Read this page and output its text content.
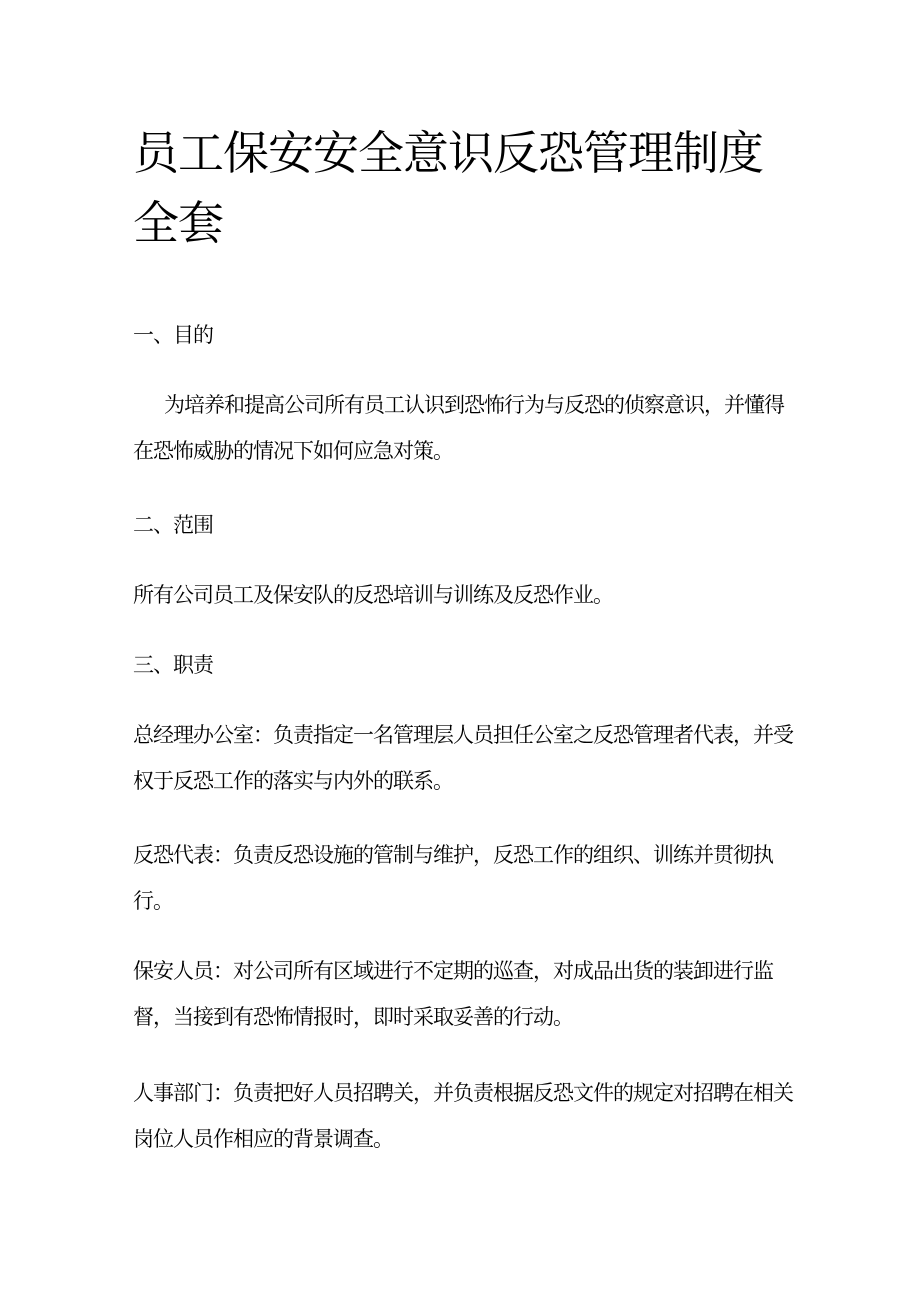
员工保安安全意识反恐管理制度全套

一、目的

为培养和提高公司所有员工认识到恐怖行为与反恐的侦察意识，并懂得在恐怖威胁的情况下如何应急对策。

二、范围

所有公司员工及保安队的反恐培训与训练及反恐作业。

三、职责

总经理办公室：负责指定一名管理层人员担任公室之反恐管理者代表，并受权于反恐工作的落实与内外的联系。

反恐代表：负责反恐设施的管制与维护，反恐工作的组织、训练并贯彻执行。

保安人员：对公司所有区域进行不定期的巡查，对成品出货的装卸进行监督，当接到有恐怖情报时，即时采取妥善的行动。

人事部门：负责把好人员招聘关，并负责根据反恐文件的规定对招聘在相关岗位人员作相应的背景调查。
